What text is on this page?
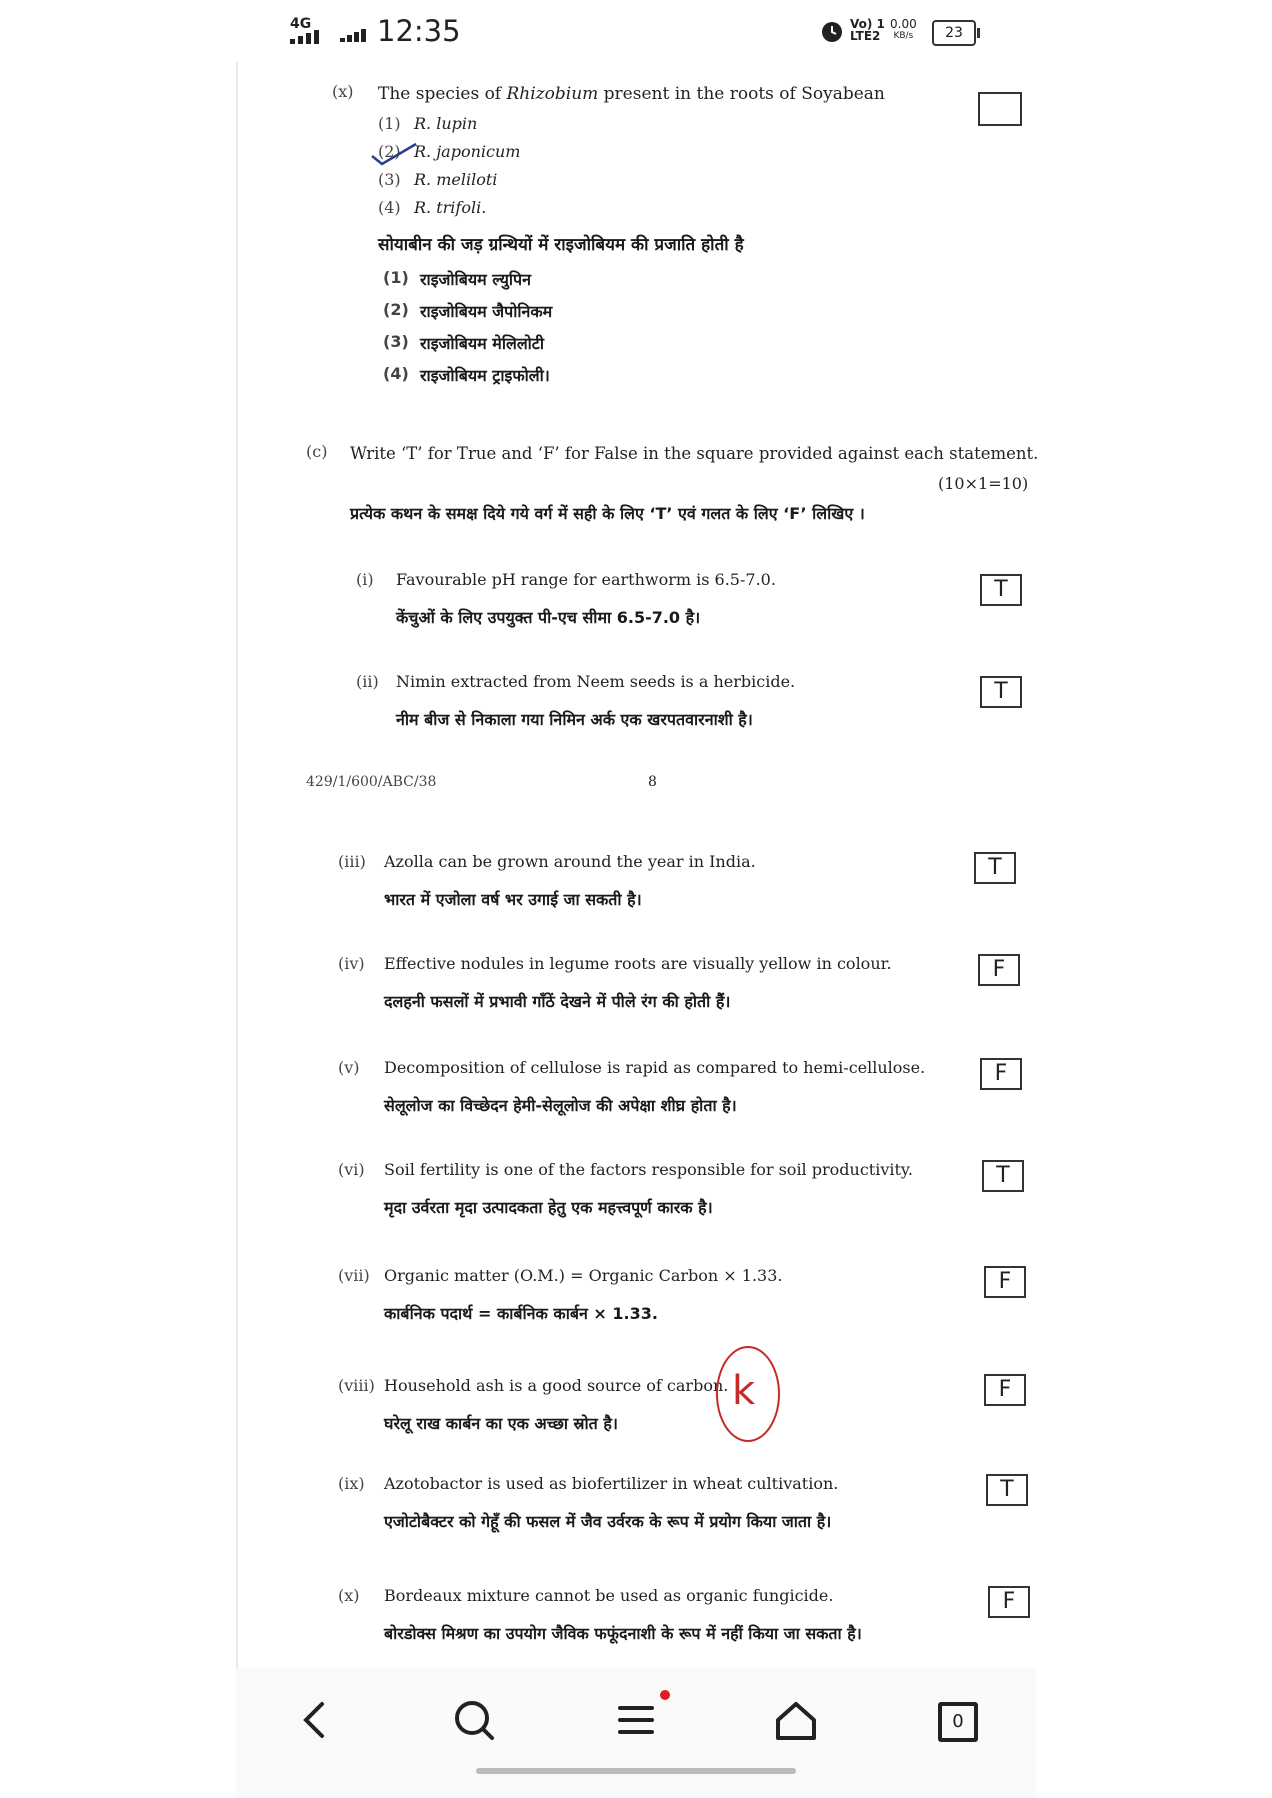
4G 12:35	Vo) 1
LTE2
0.00
KB/s	23
(x) The species of Rhizobium present in the roots of Soyabean
(1) R. lupin
(2) R. japonicum
(3) R. meliloti
(4) R. trifoli.
सोयाबीन की जड़ ग्रन्थियों में राइजोबियम की प्रजाति होती है
(1) राइजोबियम ल्युपिन
(2) राइजोबियम जैपोनिकम
(3) राइजोबियम मेलिलोटी
(4) राइजोबियम ट्राइफोली।
(c) Write ‘T’ for True and ‘F’ for False in the square provided against each statement.
(10×1=10)
प्रत्येक कथन के समक्ष दिये गये वर्ग में सही के लिए ‘T’ एवं गलत के लिए ‘F’ लिखिए ।
(i) Favourable pH range for earthworm is 6.5-7.0.
केंचुओं के लिए उपयुक्त पी-एच सीमा 6.5-7.0 है।
T
(ii) Nimin extracted from Neem seeds is a herbicide.
नीम बीज से निकाला गया निमिन अर्क एक खरपतवारनाशी है।
T
429/1/600/ABC/38	8
(iii) Azolla can be grown around the year in India.
भारत में एजोला वर्ष भर उगाई जा सकती है।
T
(iv) Effective nodules in legume roots are visually yellow in colour.
दलहनी फसलों में प्रभावी गाँठें देखने में पीले रंग की होती हैं।
F
(v) Decomposition of cellulose is rapid as compared to hemi-cellulose.
सेलूलोज का विच्छेदन हेमी-सेलूलोज की अपेक्षा शीघ्र होता है।
F
(vi) Soil fertility is one of the factors responsible for soil productivity.
मृदा उर्वरता मृदा उत्पादकता हेतु एक महत्त्वपूर्ण कारक है।
T
(vii) Organic matter (O.M.) = Organic Carbon × 1.33.
कार्बनिक पदार्थ = कार्बनिक कार्बन × 1.33.
F
(viii) Household ash is a good source of carbon.
घरेलू राख कार्बन का एक अच्छा स्रोत है।
k	F
(ix) Azotobactor is used as biofertilizer in wheat cultivation.
एजोटोबैक्टर को गेहूँ की फसल में जैव उर्वरक के रूप में प्रयोग किया जाता है।
T
(x) Bordeaux mixture cannot be used as organic fungicide.
बोरडोक्स मिश्रण का उपयोग जैविक फफूंदनाशी के रूप में नहीं किया जा सकता है।
F
0
